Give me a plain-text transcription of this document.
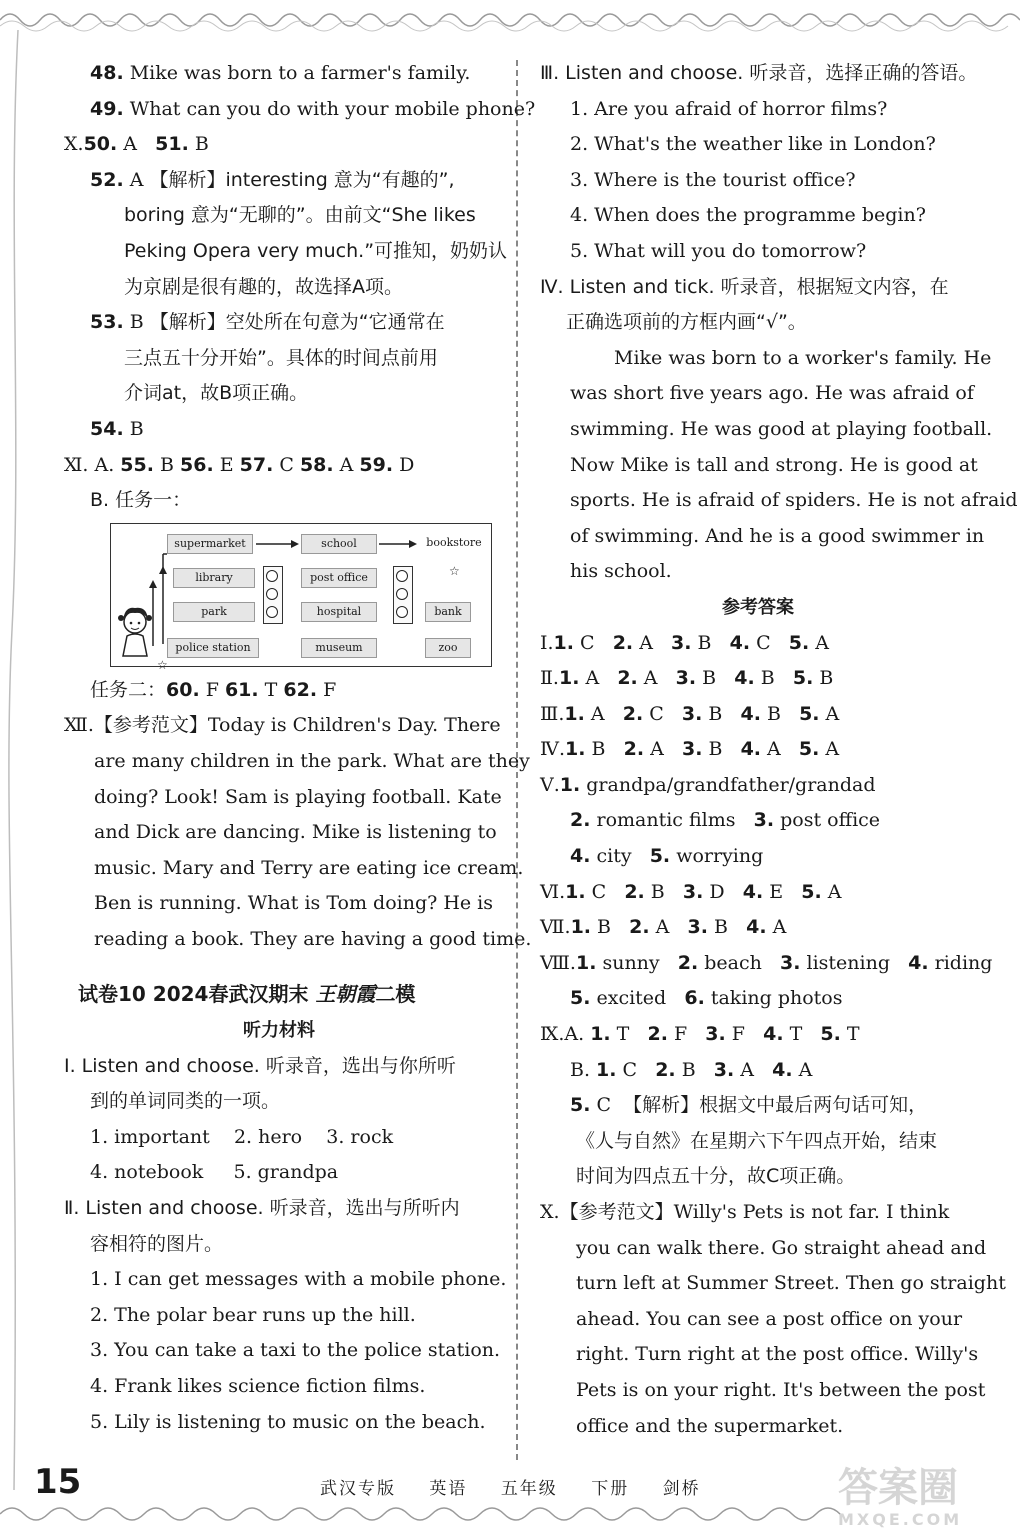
48. Mike was born to a farmer's family.
49. What can you do with your mobile phone?
Ⅹ.50. A 51. B
52. A 【解析】interesting 意为“有趣的”,
boring 意为“无聊的”。由前文“She likes
Peking Opera very much.”可推知，奶奶认
为京剧是很有趣的，故选择A项。
53. B 【解析】空处所在句意为“它通常在
三点五十分开始”。具体的时间点前用
介词at，故B项正确。
54. B
Ⅺ. A. 55. B 56. E 57. C 58. A 59. D
B. 任务一：
supermarket	school	bookstore
library	post office
park	hospital	bank
police station	museum	zoo
☆
☆
任务二：60. F 61. T 62. F
Ⅻ.【参考范文】Today is Children's Day. There
are many children in the park. What are they
doing? Look! Sam is playing football. Kate
and Dick are dancing. Mike is listening to
music. Mary and Terry are eating ice cream.
Ben is running. What is Tom doing? He is
reading a book. They are having a good time.
试卷10 2024春武汉期末 王朝霞二模
听力材料
Ⅰ. Listen and choose. 听录音，选出与你所听
到的单词同类的一项。
1. important    2. hero    3. rock
4. notebook     5. grandpa
Ⅱ. Listen and choose. 听录音，选出与所听内
容相符的图片。
1. I can get messages with a mobile phone.
2. The polar bear runs up the hill.
3. You can take a taxi to the police station.
4. Frank likes science fiction films.
5. Lily is listening to music on the beach.
Ⅲ. Listen and choose. 听录音，选择正确的答语。
1. Are you afraid of horror films?
2. What's the weather like in London?
3. Where is the tourist office?
4. When does the programme begin?
5. What will you do tomorrow?
Ⅳ. Listen and tick. 听录音，根据短文内容，在
正确选项前的方框内画“√”。
Mike was born to a worker's family. He
was short five years ago. He was afraid of
swimming. He was good at playing football.
Now Mike is tall and strong. He is good at
sports. He is afraid of spiders. He is not afraid
of swimming. And he is a good swimmer in
his school.
参考答案
Ⅰ.1. C 2. A 3. B 4. C 5. A
Ⅱ.1. A 2. A 3. B 4. B 5. B
Ⅲ.1. A 2. C 3. B 4. B 5. A
Ⅳ.1. B 2. A 3. B 4. A 5. A
Ⅴ.1. grandpa/grandfather/grandad
2. romantic films   3. post office
4. city   5. worrying
Ⅵ.1. C 2. B 3. D 4. E 5. A
Ⅶ.1. B 2. A 3. B 4. A
Ⅷ.1. sunny   2. beach   3. listening   4. riding
5. excited   6. taking photos
Ⅸ.A. 1. T 2. F 3. F 4. T 5. T
B. 1. C 2. B 3. A 4. A
5. C  【解析】根据文中最后两句话可知，
《人与自然》在星期六下午四点开始，结束
时间为四点五十分，故C项正确。
Ⅹ.【参考范文】Willy's Pets is not far. I think
you can walk there. Go straight ahead and
turn left at Summer Street. Then go straight
ahead. You can see a post office on your
right. Turn right at the post office. Willy's
Pets is on your right. It's between the post
office and the supermarket.
15	武汉专版 英语 五年级 下册 剑桥	答案圈
MXQE.COM
